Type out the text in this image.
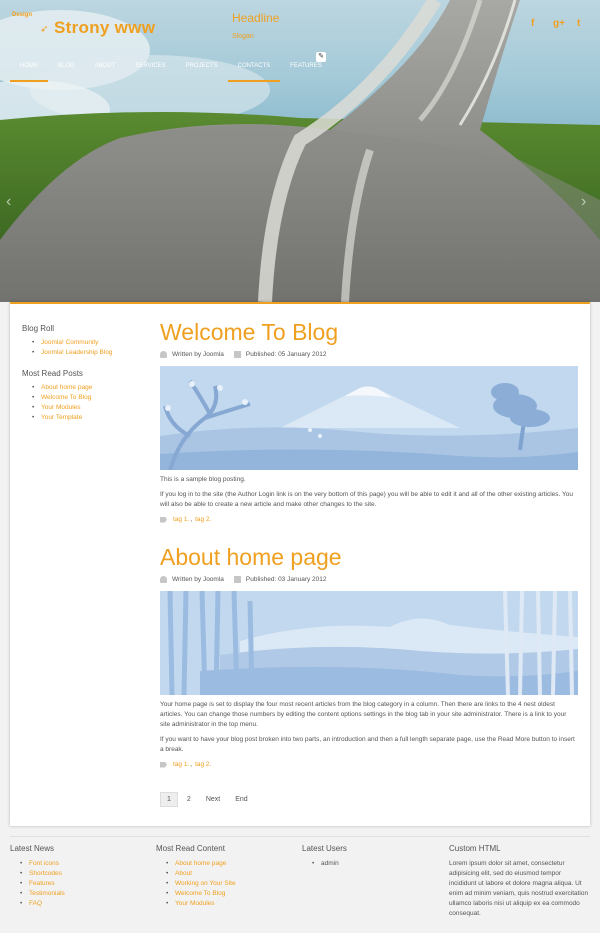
Design
➶ Strony www	Headline
Slogan
f g+ t
HOME	BLOG	ABOUT	SERVICES	PROJECTS	CONTACTS	FEATURES
✎
‹	›
Blog Roll
• Joomla! Community
• Joomla! Leadership Blog
Most Read Posts
• About home page
• Welcome To Blog
• Your Modules
• Your Template
Welcome To Blog
Written by Joomla	Published: 05 January 2012

This is a sample blog posting.

If you log in to the site (the Author Login link is on the very bottom of this page) you will be able to edit it and all of the other existing articles. You will also be able to create a new article and make other changes to the site.

tag 1. , tag 2.
About home page
Written by Joomla	Published: 03 January 2012

Your home page is set to display the four most recent articles from the blog category in a column. Then there are links to the 4 nest oldest articles. You can change those numbers by editing the content options settings in the blog tab in your site administrator. There is a link to your site administrator in the top menu.

If you want to have your blog post broken into two parts, an introduction and then a full length separate page, use the Read More button to insert a break.

tag 1. , tag 2.
1	2	Next	End
Latest News
• Font icons
• Shortcodes
• Features
• Testimonials
• FAQ
Most Read Content
• About home page
• About
• Working on Your Site
• Welcome To Blog
• Your Modules
Latest Users
• admin
Custom HTML
Lorem ipsum dolor sit amet, consectetur adipisicing elit, sed do eiusmod tempor incididunt ut labore et dolore magna aliqua. Ut enim ad minim veniam, quis nostrud exercitation ullamco laboris nisi ut aliquip ex ea commodo consequat.
